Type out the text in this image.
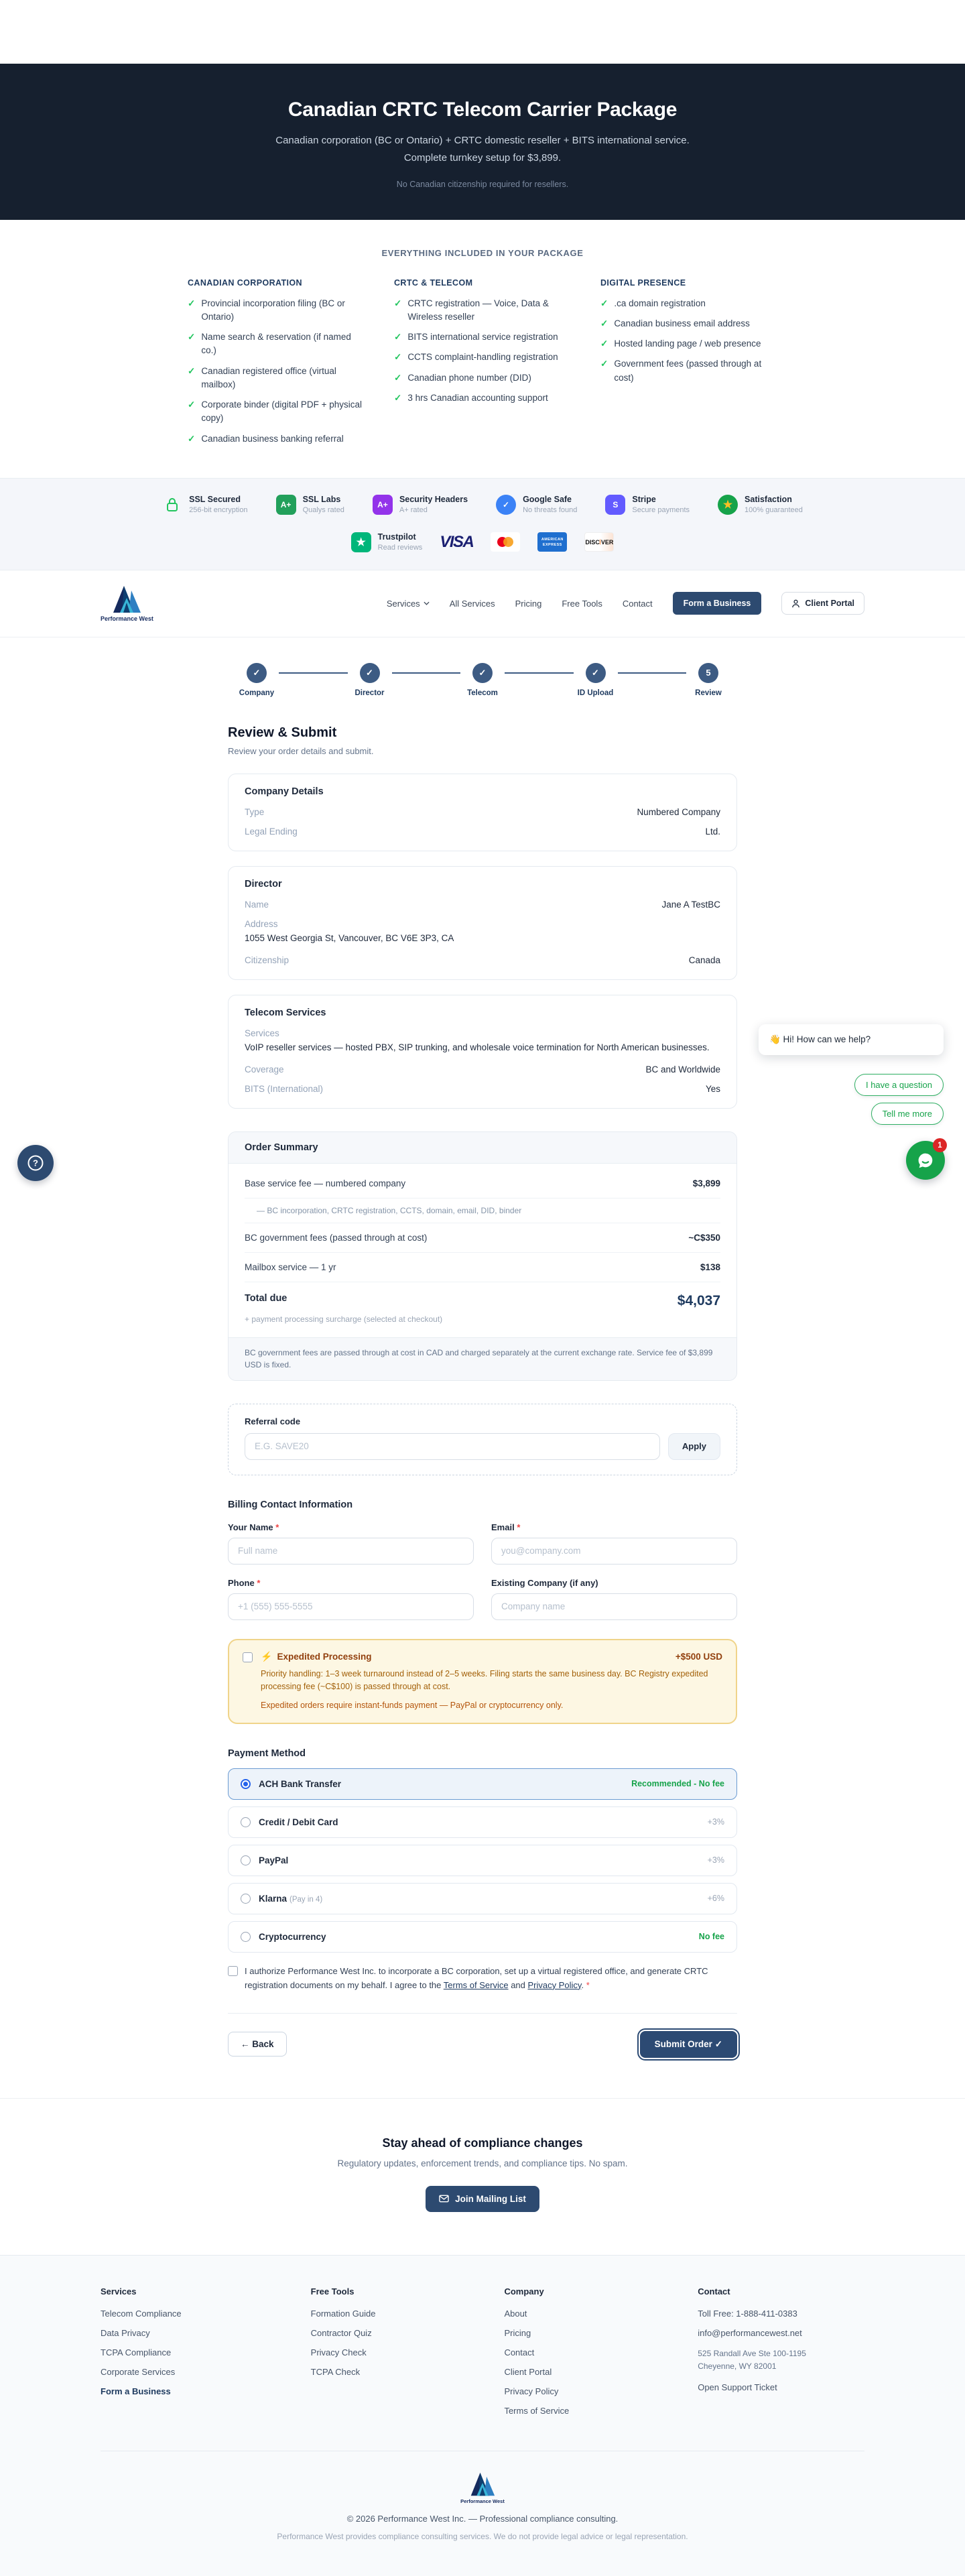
Canadian CRTC Telecom Carrier Package

Canadian corporation (BC or Ontario) + CRTC domestic reseller + BITS international service. Complete turnkey setup for $3,899.

No Canadian citizenship required for resellers.

EVERYTHING INCLUDED IN YOUR PACKAGE
CANADIAN CORPORATION
✓ Provincial incorporation filing (BC or Ontario)
✓ Name search & reservation (if named co.)
✓ Canadian registered office (virtual mailbox)
✓ Corporate binder (digital PDF + physical copy)
✓ Canadian business banking referral
CRTC & TELECOM
✓ CRTC registration — Voice, Data & Wireless reseller
✓ BITS international service registration
✓ CCTS complaint-handling registration
✓ Canadian phone number (DID)
✓ 3 hrs Canadian accounting support
DIGITAL PRESENCE
✓ .ca domain registration
✓ Canadian business email address
✓ Hosted landing page / web presence
✓ Government fees (passed through at cost)
SSL Secured
256-bit encryption
A+
SSL Labs
Qualys rated
A+
Security Headers
A+ rated
✓
Google Safe
No threats found
S
Stripe
Secure payments	★	Satisfaction
100% guaranteed
★	Trustpilot
Read reviews VISA	AMERICAN
EXPRESS	DISC VER
Performance West
Services	All Services Pricing Free Tools Contact	Form a Business	Client Portal
✓
Company
✓
Director
✓
Telecom
✓
ID Upload
5
Review
Review & Submit

Review your order details and submit.

Company Details
Type	Numbered Company
Legal Ending	Ltd.
Director
Name	Jane A TestBC
Address
1055 West Georgia St, Vancouver, BC V6E 3P3, CA
Citizenship	Canada
Telecom Services
Services
VoIP reseller services — hosted PBX, SIP trunking, and wholesale voice termination for North American businesses.
Coverage	BC and Worldwide
BITS (International)	Yes
Order Summary
Base service fee — numbered company	$3,899
— BC incorporation, CRTC registration, CCTS, domain, email, DID, binder
BC government fees (passed through at cost)	~C$350
Mailbox service — 1 yr	$138
Total due	$4,037
+ payment processing surcharge (selected at checkout)
BC government fees are passed through at cost in CAD and charged separately at the current exchange rate. Service fee of $3,899 USD is fixed.
Referral code
E.G. SAVE20
Apply
Billing Contact Information
Your Name *
Full name	Email *
you@company.com
Phone *
+1 (555) 555-5555	Existing Company (if any)
Company name
⚡ Expedited Processing	+$500 USD

Priority handling: 1–3 week turnaround instead of 2–5 weeks. Filing starts the same business day. BC Registry expedited processing fee (~C$100) is passed through at cost.

Expedited orders require instant-funds payment — PayPal or cryptocurrency only.

Payment Method
ACH Bank Transfer	Recommended - No fee
Credit / Debit Card	+3%
PayPal	+3%
Klarna (Pay in 4)	+6%
Cryptocurrency	No fee
I authorize Performance West Inc. to incorporate a BC corporation, set up a virtual registered office, and generate CRTC registration documents on my behalf. I agree to the Terms of Service and Privacy Policy. *
← Back	Submit Order ✓
Stay ahead of compliance changes
Regulatory updates, enforcement trends, and compliance tips. No spam.
Join Mailing List
Services
Telecom Compliance
Data Privacy
TCPA Compliance
Corporate Services
Form a Business
Free Tools
Formation Guide
Contractor Quiz
Privacy Check
TCPA Check
Company
About
Pricing
Contact
Client Portal
Privacy Policy
Terms of Service
Contact
Toll Free: 1-888-411-0383
info@performancewest.net
525 Randall Ave Ste 100-1195
Cheyenne, WY 82001
Open Support Ticket
Performance West
© 2026 Performance West Inc. — Professional compliance consulting.
Performance West provides compliance consulting services. We do not provide legal advice or legal representation.
?
👋 Hi! How can we help?
I have a question
Tell me more
1
